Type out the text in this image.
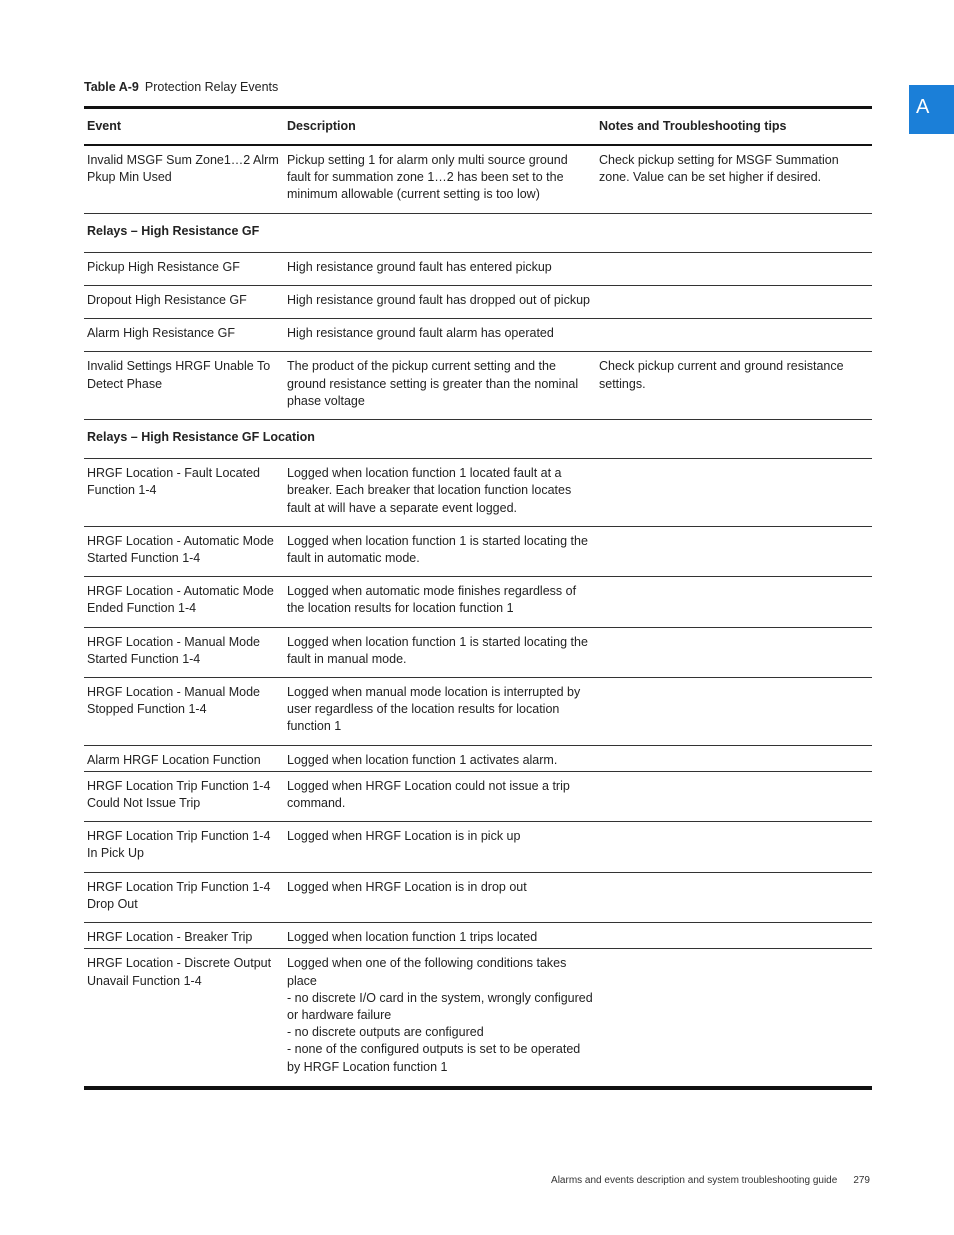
Table A-9 Protection Relay Events
A
Event	Description	Notes and Troubleshooting tips
Invalid MSGF Sum Zone1…2 Alrm Pkup Min Used	Pickup setting 1 for alarm only multi source ground fault for summation zone 1…2 has been set to the minimum allowable (current setting is too low)	Check pickup setting for MSGF Summation zone. Value can be set higher if desired.
Relays – High Resistance GF		
Pickup High Resistance GF	High resistance ground fault has entered pickup	
Dropout High Resistance GF	High resistance ground fault has dropped out of pickup	
Alarm High Resistance GF	High resistance ground fault alarm has operated	
Invalid Settings HRGF Unable To Detect Phase	The product of the pickup current setting and the ground resistance setting is greater than the nominal phase voltage	Check pickup current and ground resistance settings.
Relays – High Resistance GF Location		
HRGF Location - Fault Located Function 1-4	Logged when location function 1 located fault at a breaker. Each breaker that location function locates fault at will have a separate event logged.	
HRGF Location - Automatic Mode Started Function 1-4	Logged when location function 1 is started locating the fault in automatic mode.	
HRGF Location - Automatic Mode Ended Function 1-4	Logged when automatic mode finishes regardless of the location results for location function 1	
HRGF Location - Manual Mode Started Function 1-4	Logged when location function 1 is started locating the fault in manual mode.	
HRGF Location - Manual Mode Stopped Function 1-4	Logged when manual mode location is interrupted by user regardless of the location results for location function 1	
Alarm HRGF Location Function	Logged when location function 1 activates alarm.	
HRGF Location Trip Function 1-4 Could Not Issue Trip	Logged when HRGF Location could not issue a trip command.	
HRGF Location Trip Function 1-4 In Pick Up	Logged when HRGF Location is in pick up	
HRGF Location Trip Function 1-4 Drop Out	Logged when HRGF Location is in drop out	
HRGF Location - Breaker Trip	Logged when location function 1 trips located	
HRGF Location - Discrete Output Unavail Function 1-4	Logged when one of the following conditions takes place
- no discrete I/O card in the system, wrongly configured or hardware failure
- no discrete outputs are configured
- none of the configured outputs is set to be operated by HRGF Location function 1	

Alarms and events description and system troubleshooting guide 279
